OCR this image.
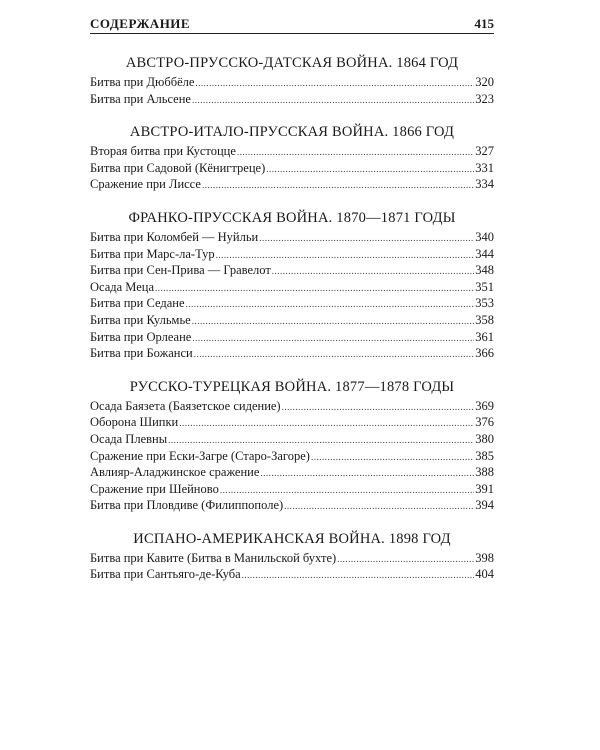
СОДЕРЖАНИЕ	415
АВСТРО-ПРУССКО-ДАТСКАЯ ВОЙНА. 1864 ГОД
Битва при Дюббёле .....	320
Битва при Альсене .....	323
АВСТРО-ИТАЛО-ПРУССКАЯ ВОЙНА. 1866 ГОД
Вторая битва при Кустоцце .....	327
Битва при Садовой (Кёнигтреце) .....	331
Сражение при Лиссе .....	334
ФРАНКО-ПРУССКАЯ ВОЙНА. 1870—1871 ГОДЫ
Битва при Коломбей — Нуйльи .....	340
Битва при Марс-ла-Тур .....	344
Битва при Сен-Прива — Гравелот .....	348
Осада Меца .....	351
Битва при Седане .....	353
Битва при Кульмье .....	358
Битва при Орлеане .....	361
Битва при Божанси .....	366
РУССКО-ТУРЕЦКАЯ ВОЙНА. 1877—1878 ГОДЫ
Осада Баязета (Баязетское сидение) .....	369
Оборона Шипки .....	376
Осада Плевны .....	380
Сражение при Ески-Загре (Старо-Загоре) .....	385
Авлияр-Аладжинское сражение .....	388
Сражение при Шейново .....	391
Битва при Пловдиве (Филиппополе) .....	394
ИСПАНО-АМЕРИКАНСКАЯ ВОЙНА. 1898 ГОД
Битва при Кавите (Битва в Манильской бухте) .....	398
Битва при Сантьяго-де-Куба .....	404
